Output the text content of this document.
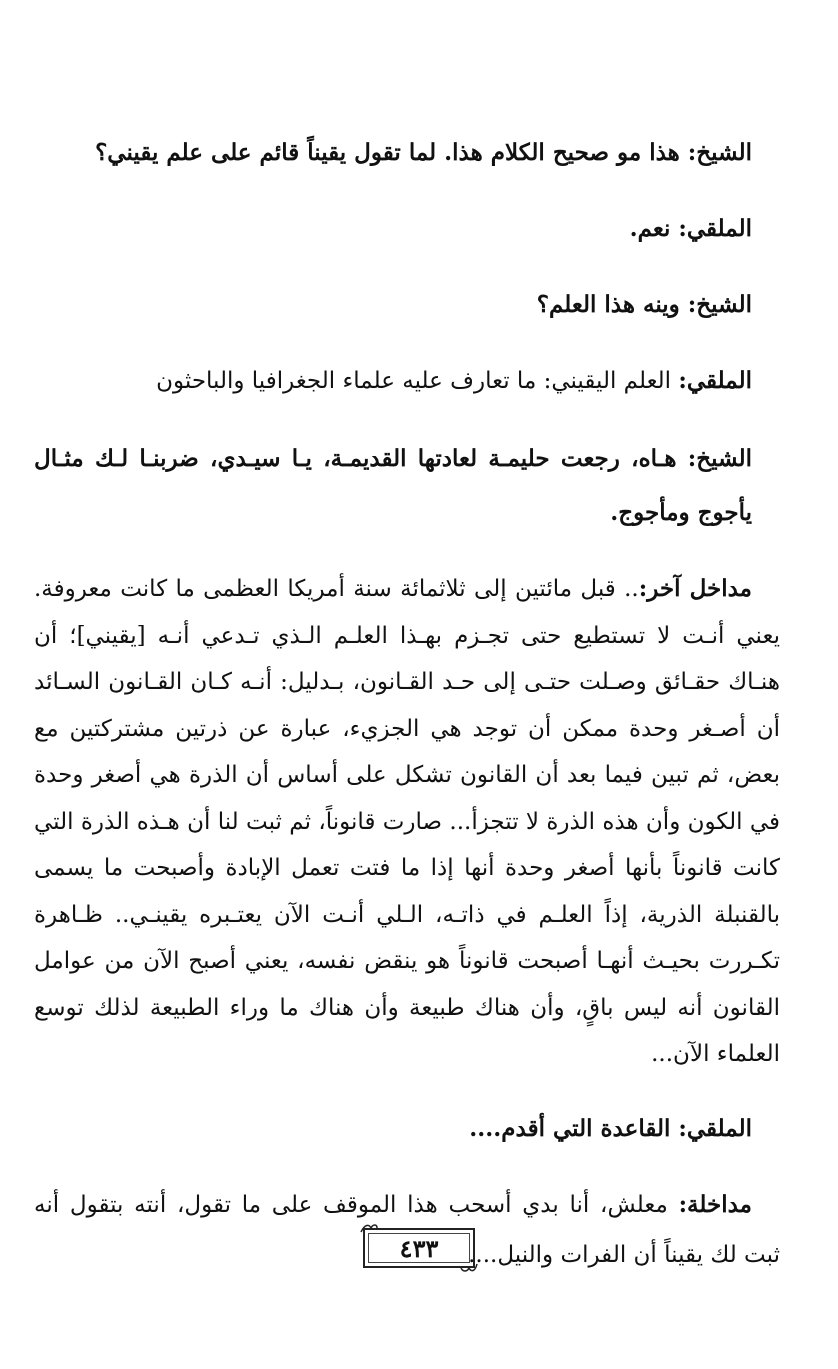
الشيخ: هذا مو صحيح الكلام هذا. لما تقول يقيناً قائم على علم يقيني؟

الملقي: نعم.

الشيخ: وينه هذا العلم؟

الملقي: العلم اليقيني: ما تعارف عليه علماء الجغرافيا والباحثون

الشيخ: هـاه، رجعت حليمـة لعادتها القديمـة، يـا سيـدي، ضربنـا لـك مثـال يأجوج ومأجوج.

مداخل آخر:.. قبل مائتين إلى ثلاثمائة سنة أمريكا العظمى ما كانت معروفة. يعني أنـت لا تستطيع حتى تجـزم بهـذا العلـم الـذي تـدعي أنـه [يقيني]؛ أن هنـاك حقـائق وصـلت حتـى إلى حـد القـانون، بـدليل: أنـه كـان القـانون السـائد أن أصـغر وحدة ممكن أن توجد هي الجزيء، عبارة عن ذرتين مشتركتين مع بعض، ثم تبين فيما بعد أن القانون تشكل على أساس أن الذرة هي أصغر وحدة في الكون وأن هذه الذرة لا تتجزأ... صارت قانوناً، ثم ثبت لنا أن هـذه الذرة التي كانت قانوناً بأنها أصغر وحدة أنها إذا ما فتت تعمل الإبادة وأصبحت ما يسمى بالقنبلة الذرية، إذاً العلـم في ذاتـه، الـلي أنـت الآن يعتـبره يقينـي.. ظـاهرة تكـررت بحيـث أنهـا أصبحت قانوناً هو ينقض نفسه، يعني أصبح الآن من عوامل القانون أنه ليس باقٍ، وأن هناك طبيعة وأن هناك ما وراء الطبيعة لذلك توسع العلماء الآن...

الملقي: القاعدة التي أقدم....

مداخلة: معلش، أنا بدي أسحب هذا الموقف على ما تقول، أنته بتقول أنه ثبت لك يقيناً أن الفرات والنيل....

٤٣٣
